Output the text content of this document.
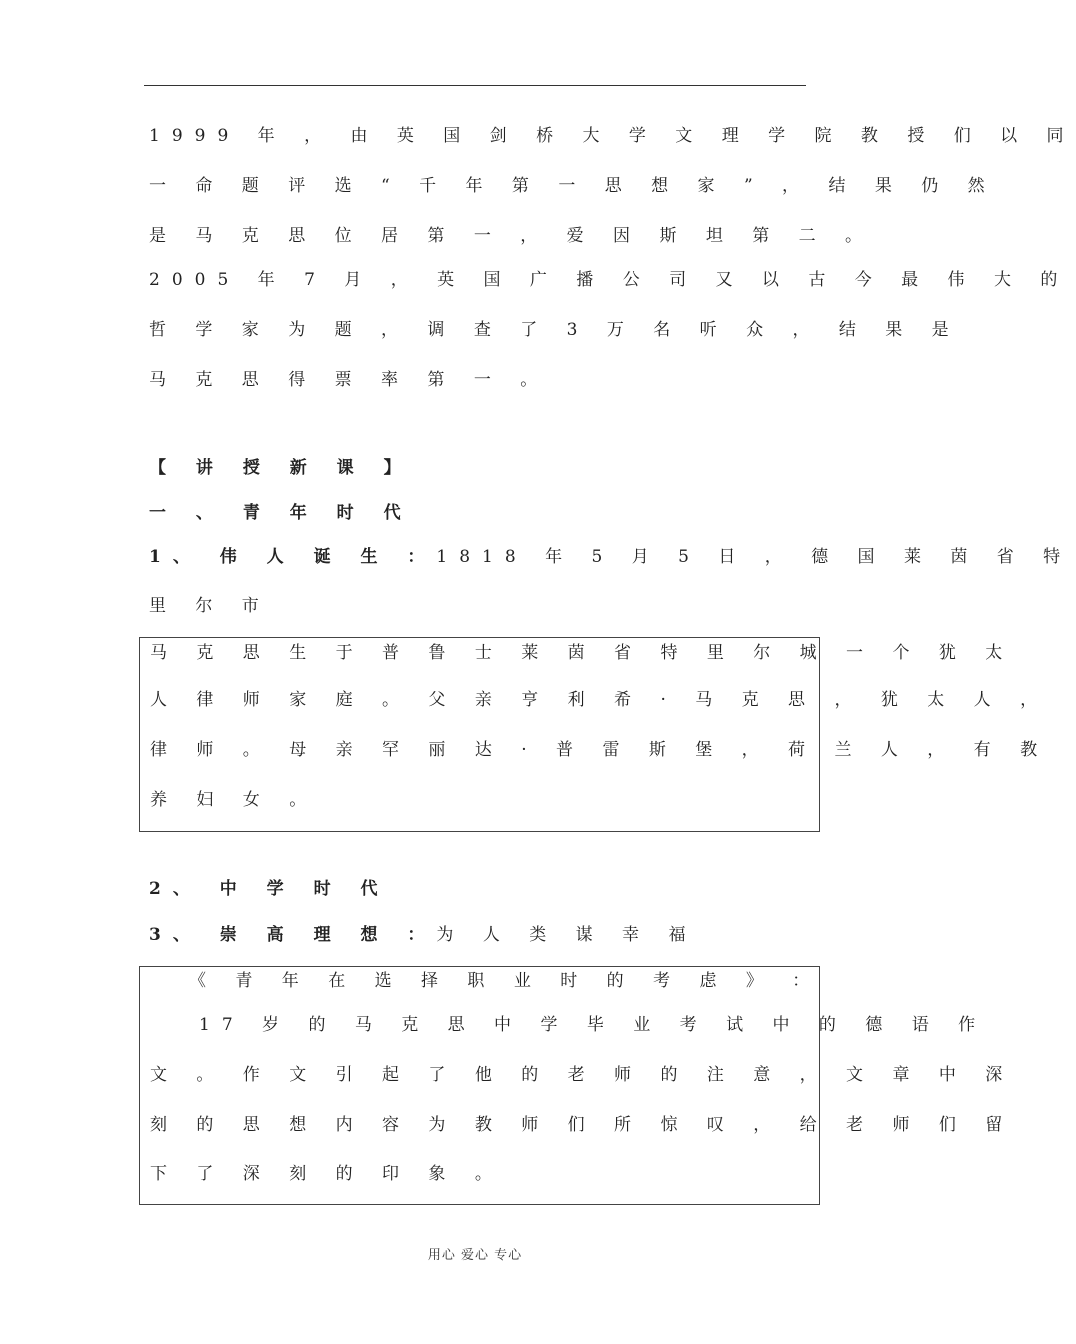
1999 年 ， 由 英 国 剑 桥 大 学 文 理 学 院 教 授 们 以 同
一 命 题 评 选 “ 千 年 第 一 思 想 家 ” ， 结 果 仍 然
是 马 克 思 位 居 第 一 ， 爱 因 斯 坦 第 二 。
2005 年 7 月 ， 英 国 广 播 公 司 又 以 古 今 最 伟 大 的
哲 学 家 为 题 ， 调 查 了 3 万 名 听 众 ， 结 果 是
马 克 思 得 票 率 第 一 。
【 讲 授 新 课 】
一 、 青 年 时 代
1、 伟 人 诞 生 ：1818 年 5 月 5 日 ， 德 国 莱 茵 省 特
里 尔 市
马 克 思 生 于 普 鲁 士 莱 茵 省 特 里 尔 城 一 个 犹 太
人 律 师 家 庭 。 父 亲 亨 利 希 · 马 克 思 ， 犹 太 人 ，
律 师 。 母 亲 罕 丽 达 · 普 雷 斯 堡 ， 荷 兰 人 ， 有 教
养 妇 女 。
2、 中 学 时 代
3、 崇 高 理 想 ：为 人 类 谋 幸 福
《 青 年 在 选 择 职 业 时 的 考 虑 》 ：
17 岁 的 马 克 思 中 学 毕 业 考 试 中 的 德 语 作
文 。 作 文 引 起 了 他 的 老 师 的 注 意 ， 文 章 中 深
刻 的 思 想 内 容 为 教 师 们 所 惊 叹 ， 给 老 师 们 留
下 了 深 刻 的 印 象 。
用心 爱心 专心
